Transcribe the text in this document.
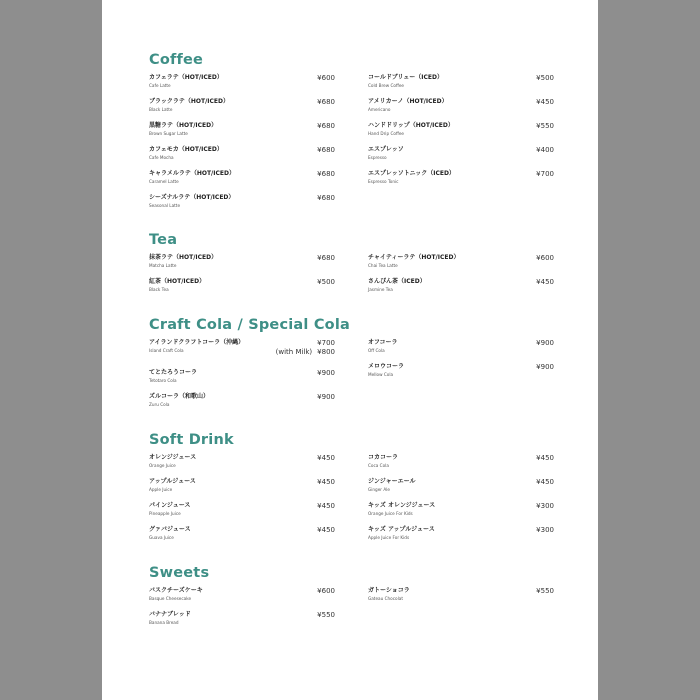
Coffee
カフェラテ（HOT/ICED）
Cafe Latte
¥600
ブラックラテ（HOT/ICED）
Black Latte
¥680
黒糖ラテ（HOT/ICED）
Brown Sugar Latte
¥680
カフェモカ（HOT/ICED）
Cafe Mocha
¥680
キャラメルラテ（HOT/ICED）
Caramel Latte
¥680
シーズナルラテ（HOT/ICED）
Seasonal Latte
¥680
コールドブリュー（ICED）
Cold Brew Coffee
¥500
アメリカーノ（HOT/ICED）
Americano
¥450
ハンドドリップ（HOT/ICED）
Hand Drip Coffee
¥550
エスプレッソ
Espresso
¥400
エスプレッソトニック（ICED）
Espresso Tonic
¥700
Tea
抹茶ラテ（HOT/ICED）
Matcha Latte
¥680
紅茶（HOT/ICED）
Black Tea
¥500
チャイティーラテ（HOT/ICED）
Chai Tea Latte
¥600
さんぴん茶（ICED）
Jasmine Tea
¥450
Craft Cola / Special Cola
アイランドクラフトコーラ（沖縄）
Island Craft Cola
¥700
(with Milk) ¥800
てとたろうコーラ
Tetotaro Cola
¥900
ズルコーラ（和歌山）
Zuru Cola
¥900
オフコーラ
Off Cola
¥900
メロウコーラ
Mellow Cola
¥900
Soft Drink
オレンジジュース
Orange Juice
¥450
アップルジュース
Apple Juice
¥450
パインジュース
Pineapple Juice
¥450
グァバジュース
Guava Juice
¥450
コカコーラ
Coca Cola
¥450
ジンジャーエール
Ginger Ale
¥450
キッズ オレンジジュース
Orange Juice For Kids
¥300
キッズ アップルジュース
Apple Juice For Kids
¥300
Sweets
バスクチーズケーキ
Basque Cheesecake
¥600
バナナブレッド
Banana Bread
¥550
ガトーショコラ
Gateau Chocolat
¥550
